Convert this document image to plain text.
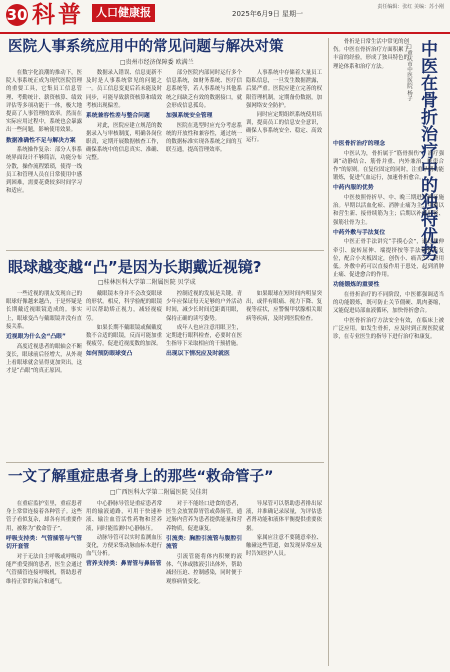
30 科普	人口健康报	2025年6月9日 星期一
责任编辑：张红 美编：苏小刚
医院人事系统应用中的常见问题与解决对策
□贵州市经济保障委 欧满兰

在数字化浪潮的推动下，医院人事系统正成为现代医院管理的重要工具，它集员工信息管理、考勤统计、薪资核算、绩效评估等多项功能于一体，极大地提高了人事管理的效率。然而在实际应用过程中，系统也会暴露出一些问题，影响使用效果。

数据准确性不足与解决方案

系统操作复杂：部分人事系统界面设计不够简洁，功能分布分散，操作流程繁琐，使得一线员工和管理人员在日常使用中感到困难，需要花费较多时间学习和适应。

数据录入错误、信息更新不及时是人事系统常见的问题之一。员工信息变更后若未能及时同步，可能导致薪资核算和绩效考核出现偏差。

系统兼容性差与整合问题

对此，医院应建立规范的数据录入与审核制度，明确各岗位职责，定期开展数据核查工作，确保系统中的信息真实、准确、完整。

部分医院内部同时运行多个信息系统，如财务系统、医疗信息系统等，若人事系统与其他系统之间缺乏有效的数据接口，就会形成信息孤岛。

加强系统安全管理

医院在选型时应充分考虑系统的开放性和兼容性，通过统一的数据标准实现各系统之间的互联互通，提高管理效率。

人事系统中存储着大量员工隐私信息，一旦发生数据泄露，后果严重。医院应建立完善的权限管理机制，定期备份数据，加强网络安全防护。

同时应定期组织系统使用培训，提高员工的信息安全意识，确保人事系统安全、稳定、高效运行。

眼球越变越“凸”是因为长期戴近视镜?
□桂林医科大学第二附属医院 贝学成

一些近视的朋友发现自己的眼球好像越来越凸，于是怀疑是长期戴近视眼镜造成的。事实上，眼球变凸与戴眼镜并没有直接关系。

近视眼为什么会“凸眼”

高度近视患者的眼轴会不断变长，眼球前后径增大，从外观上看眼球就会显得更加突出，这才是“凸眼”的真正原因。

戴眼镜本身并不会改变眼球的形状。相反，科学验配的眼镜可以帮助矫正视力，减轻视疲劳。

如果长期不戴眼镜或佩戴度数不合适的眼镜，反而可能加重视疲劳，促进近视度数的加深。

如何预防眼球变凸

控制近视的发展是关键。青少年应保证每天足够的户外活动时间，减少长时间近距离用眼，保持正确的读写姿势。

成年人也应注意用眼卫生，定期进行眼科检查，必要时在医生指导下采取相应的干预措施。

出现以下情况应及时就医

如果眼球在短时间内明显突出，或伴有眼痛、视力下降、复视等症状，应警惕甲状腺相关眼病等疾病，及时到医院检查。

一文了解重症患者身上的那些“救命管子”
□广西医科大学第二附属医院 吴佳玥

在重症监护室里，重症患者身上常常连接着各种管子。这些管子看似复杂，却各有其重要作用，被称为“救命管子”。

呼吸支持类：气管插管与气管切开套管

对于无法自主呼吸或呼吸功能严重受损的患者，医生会通过气管插管连接呼吸机，帮助患者维持正常的氧合和通气。

中心静脉导管是重症患者常用的输液通路，可用于快速补液、输注血管活性药物和营养液，同时能监测中心静脉压。

动脉导管可以实时监测血压变化，方便采集动脉血标本进行血气分析。

营养支持类：鼻胃管与鼻肠管

对于不能经口进食的患者，医生会放置鼻胃管或鼻肠管，通过肠内营养为患者提供能量和营养物质，促进康复。

引流类：胸腔引流管与腹腔引流管

引流管能将体内积聚的液体、气体或脓液引出体外，帮助减轻压迫、控制感染，同时便于观察病情变化。

导尿管可以帮助患者排出尿液，并准确记录尿量，为评估患者肾功能和液体平衡提供重要依据。

家属应注意不要随意牵拉、触碰这些管道，如发现异常应及时告知医护人员。

骨折是日常生活中常见的创伤。中医在骨折治疗方面积累了丰富的经验，形成了独具特色的理论体系和治疗方法。	中医在骨折治疗中的独特优势
□重庆市中医医院 杨子

中医骨折治疗的理念

中医认为，骨折属于“筋骨损伤”，治疗强调“动静结合、筋骨并重、内外兼治、医患合作”的原则。在复位固定的同时，注重早期功能锻炼，促进气血运行，加速骨折愈合。

中药内服的优势

中医按照骨折早、中、晚三期进行辨证施治。早期以活血化瘀、消肿止痛为主；中期以和营生新、接骨续筋为主；后期以补益肝肾、强筋壮骨为主。

中药外敷与手法复位

中医正骨手法讲究“手摸心会”，通过拔伸牵引、旋转屈伸、端提挤按等手法使骨折复位，配合小夹板固定，创伤小、痛苦少、费用低。外敷中药可以直接作用于患处，起到消肿止痛、促进愈合的作用。

功能锻炼的重要性

在骨折治疗的不同阶段，中医都强调适当的功能锻炼，既可防止关节僵硬、肌肉萎缩，又能促进局部血液循环，加快骨折愈合。

中医骨折治疗方法安全有效，在临床上被广泛应用。如发生骨折，应及时到正规医院就诊，在专业医生的指导下进行治疗和康复。
